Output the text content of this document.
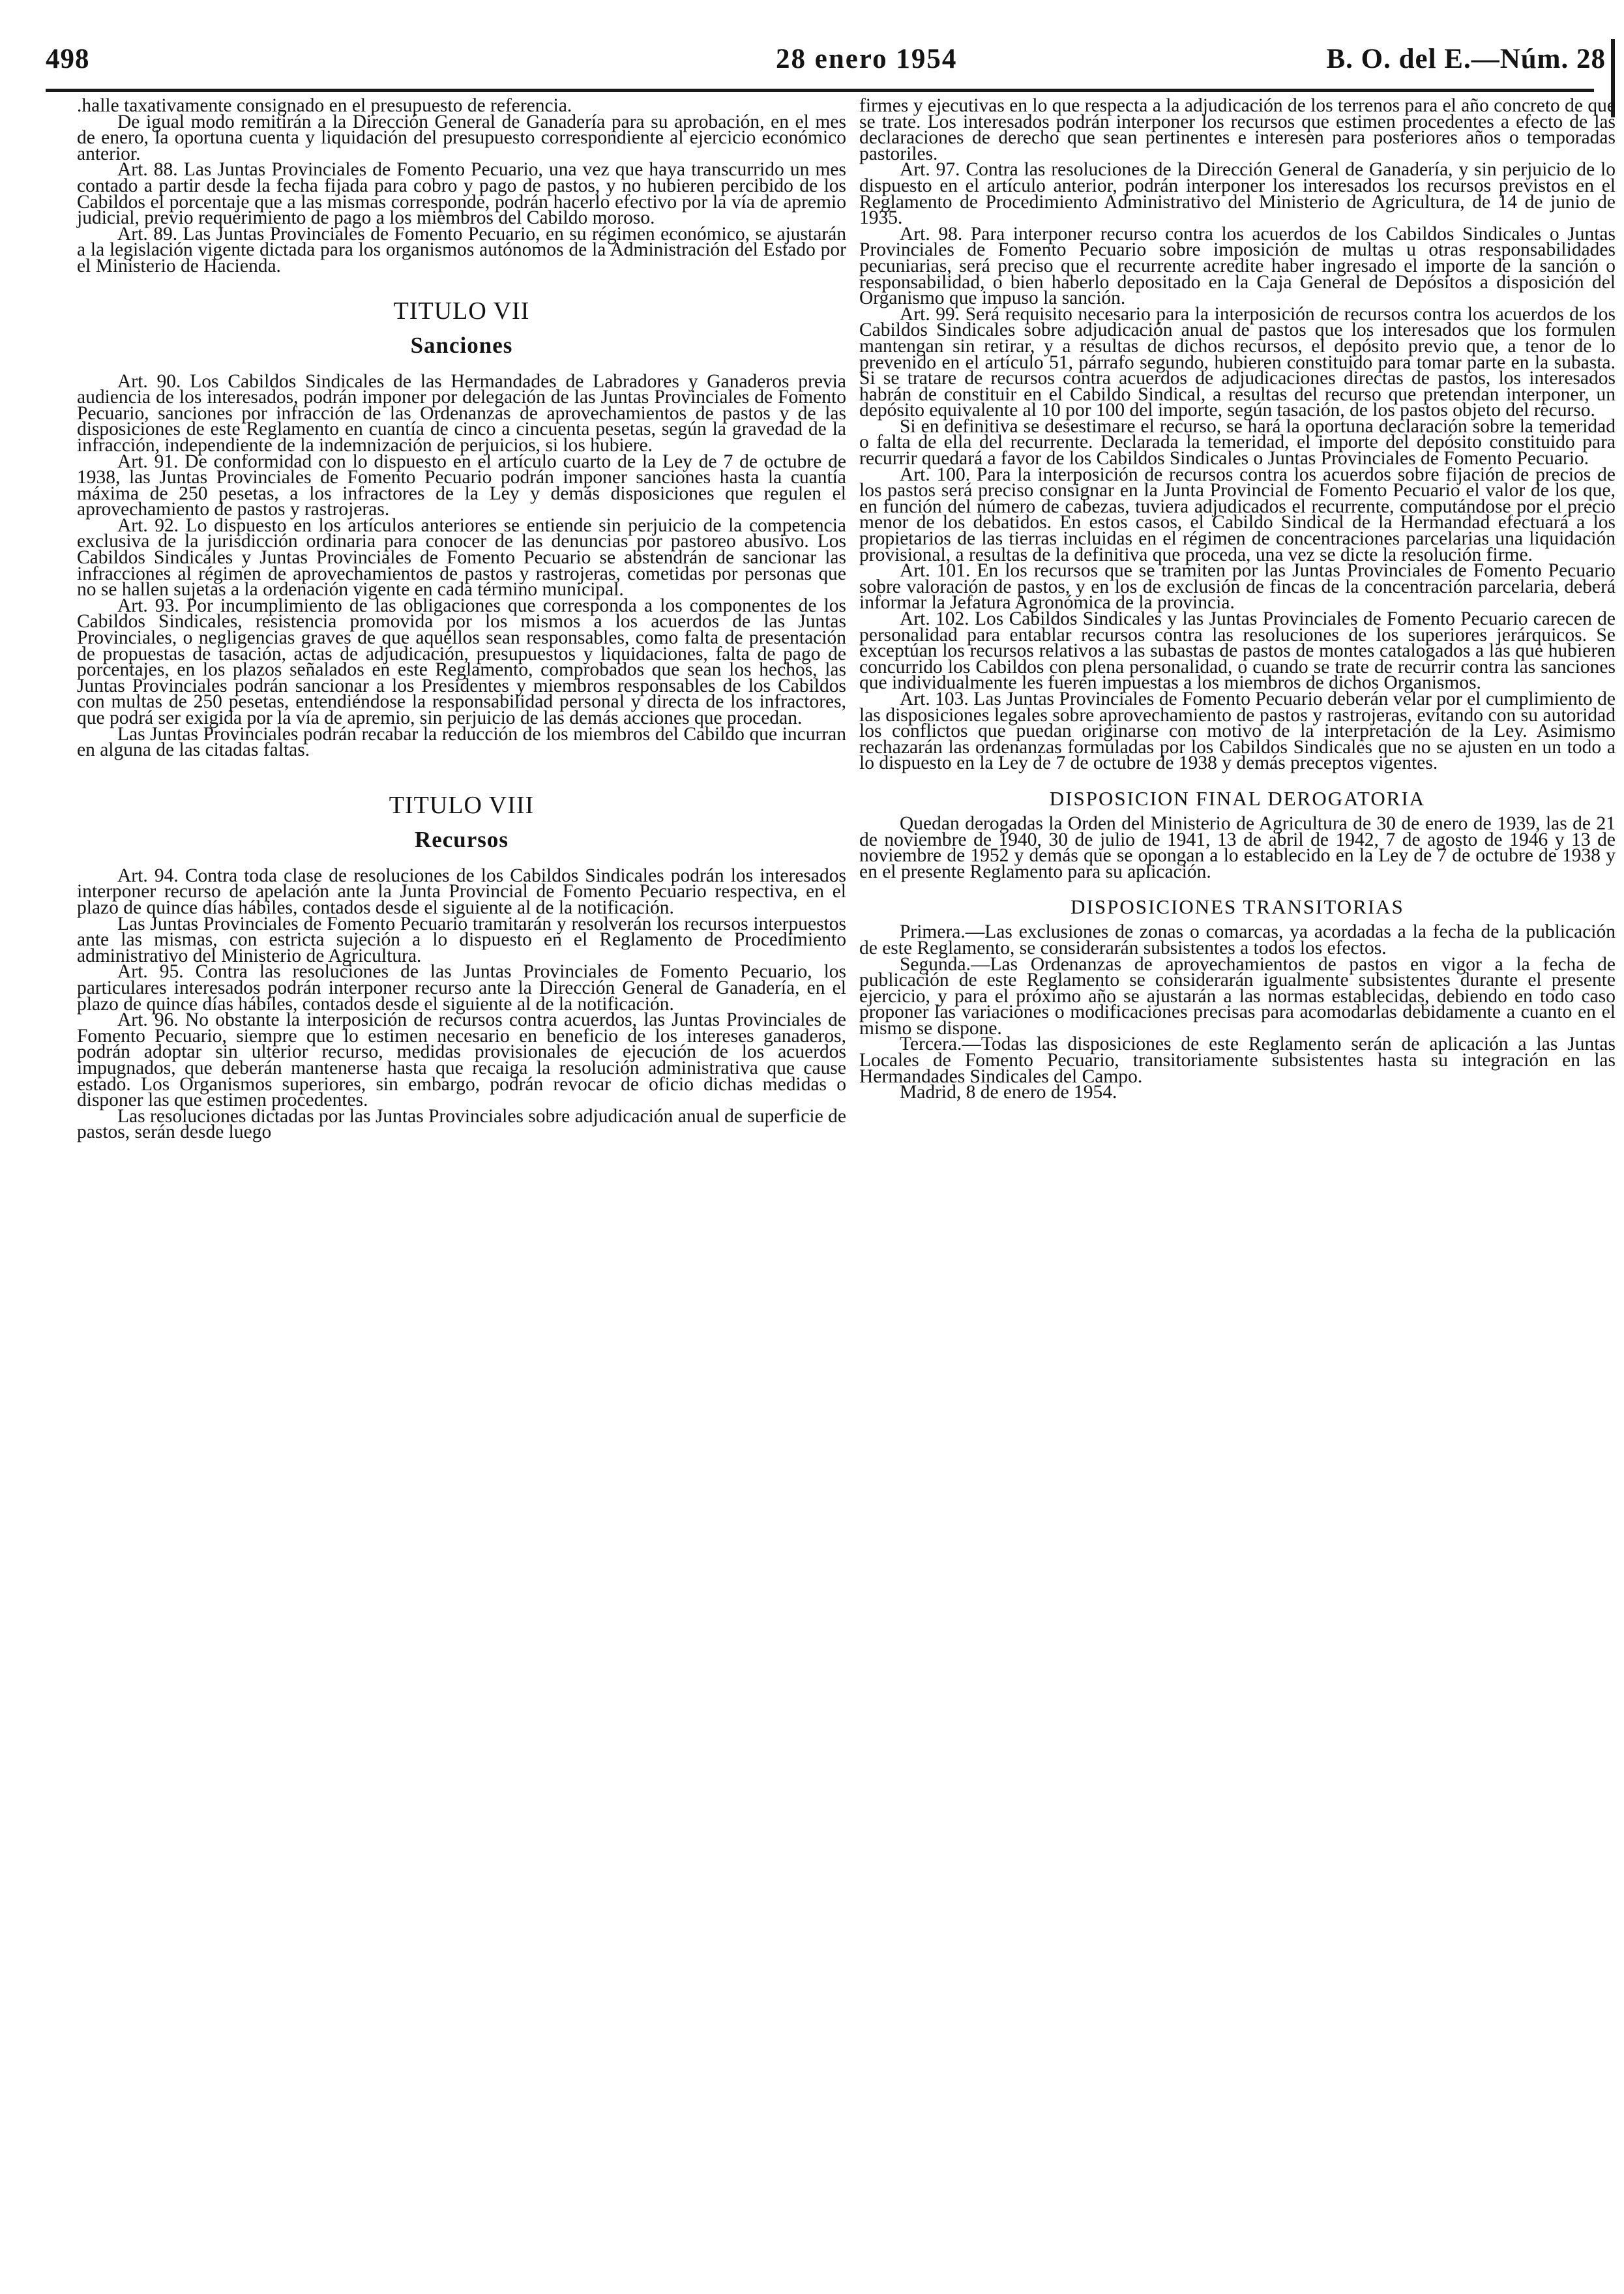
498	28 enero 1954	B. O. del E.—Núm. 28

.halle taxativamente consignado en el presupuesto de referencia.

De igual modo remitirán a la Dirección General de Ganadería para su aprobación, en el mes de enero, la oportuna cuenta y liquidación del presupuesto correspondiente al ejercicio económico anterior.

Art. 88. Las Juntas Provinciales de Fomento Pecuario, una vez que haya transcurrido un mes contado a partir desde la fecha fijada para cobro y pago de pastos, y no hubieren percibido de los Cabildos el porcentaje que a las mismas corresponde, podrán hacerlo efectivo por la vía de apremio judicial, previo requerimiento de pago a los miembros del Cabildo moroso.

Art. 89. Las Juntas Provinciales de Fomento Pecuario, en su régimen económico, se ajustarán a la legislación vigente dictada para los organismos autónomos de la Administración del Estado por el Ministerio de Hacienda.

TITULO VII
Sanciones

Art. 90. Los Cabildos Sindicales de las Hermandades de Labradores y Ganaderos previa audiencia de los interesados, podrán imponer por delegación de las Juntas Provinciales de Fomento Pecuario, sanciones por infracción de las Ordenanzas de aprovechamientos de pastos y de las disposiciones de este Reglamento en cuantía de cinco a cincuenta pesetas, según la gravedad de la infracción, independiente de la indemnización de perjuicios, si los hubiere.

Art. 91. De conformidad con lo dispuesto en el artículo cuarto de la Ley de 7 de octubre de 1938, las Juntas Provinciales de Fomento Pecuario podrán imponer sanciones hasta la cuantía máxima de 250 pesetas, a los infractores de la Ley y demás disposiciones que regulen el aprovechamiento de pastos y rastrojeras.

Art. 92. Lo dispuesto en los artículos anteriores se entiende sin perjuicio de la competencia exclusiva de la jurisdicción ordinaria para conocer de las denuncias por pastoreo abusivo. Los Cabildos Sindicales y Juntas Provinciales de Fomento Pecuario se abstendrán de sancionar las infracciones al régimen de aprovechamientos de pastos y rastrojeras, cometidas por personas que no se hallen sujetas a la ordenación vigente en cada término municipal.

Art. 93. Por incumplimiento de las obligaciones que corresponda a los componentes de los Cabildos Sindicales, resistencia promovida por los mismos a los acuerdos de las Juntas Provinciales, o negligencias graves de que aquéllos sean responsables, como falta de presentación de propuestas de tasación, actas de adjudicación, presupuestos y liquidaciones, falta de pago de porcentajes, en los plazos señalados en este Reglamento, comprobados que sean los hechos, las Juntas Provinciales podrán sancionar a los Presidentes y miembros responsables de los Cabildos con multas de 250 pesetas, entendiéndose la responsabilidad personal y directa de los infractores, que podrá ser exigida por la vía de apremio, sin perjuicio de las demás acciones que procedan.

Las Juntas Provinciales podrán recabar la reducción de los miembros del Cabildo que incurran en alguna de las citadas faltas.

TITULO VIII
Recursos

Art. 94. Contra toda clase de resoluciones de los Cabildos Sindicales podrán los interesados interponer recurso de apelación ante la Junta Provincial de Fomento Pecuario respectiva, en el plazo de quince días hábiles, contados desde el siguiente al de la notificación.

Las Juntas Provinciales de Fomento Pecuario tramitarán y resolverán los recursos interpuestos ante las mismas, con estricta sujeción a lo dispuesto en el Reglamento de Procedimiento administrativo del Ministerio de Agricultura.

Art. 95. Contra las resoluciones de las Juntas Provinciales de Fomento Pecuario, los particulares interesados podrán interponer recurso ante la Dirección General de Ganadería, en el plazo de quince días hábiles, contados desde el siguiente al de la notificación.

Art. 96. No obstante la interposición de recursos contra acuerdos, las Juntas Provinciales de Fomento Pecuario, siempre que lo estimen necesario en beneficio de los intereses ganaderos, podrán adoptar sin ulterior recurso, medidas provisionales de ejecución de los acuerdos impugnados, que deberán mantenerse hasta que recaiga la resolución administrativa que cause estado. Los Organismos superiores, sin embargo, podrán revocar de oficio dichas medidas o disponer las que estimen procedentes.

Las resoluciones dictadas por las Juntas Provinciales sobre adjudicación anual de superficie de pastos, serán desde luego

firmes y ejecutivas en lo que respecta a la adjudicación de los terrenos para el año concreto de que se trate. Los interesados podrán interponer los recursos que estimen procedentes a efecto de las declaraciones de derecho que sean pertinentes e interesen para posteriores años o temporadas pastoriles.

Art. 97. Contra las resoluciones de la Dirección General de Ganadería, y sin perjuicio de lo dispuesto en el artículo anterior, podrán interponer los interesados los recursos previstos en el Reglamento de Procedimiento Administrativo del Ministerio de Agricultura, de 14 de junio de 1935.

Art. 98. Para interponer recurso contra los acuerdos de los Cabildos Sindicales o Juntas Provinciales de Fomento Pecuario sobre imposición de multas u otras responsabilidades pecuniarias, será preciso que el recurrente acredite haber ingresado el importe de la sanción o responsabilidad, o bien haberlo depositado en la Caja General de Depósitos a disposición del Organismo que impuso la sanción.

Art. 99. Será requisito necesario para la interposición de recursos contra los acuerdos de los Cabildos Sindicales sobre adjudicación anual de pastos que los interesados que los formulen mantengan sin retirar, y a resultas de dichos recursos, el depósito previo que, a tenor de lo prevenido en el artículo 51, párrafo segundo, hubieren constituido para tomar parte en la subasta. Si se tratare de recursos contra acuerdos de adjudicaciones directas de pastos, los interesados habrán de constituir en el Cabildo Sindical, a resultas del recurso que pretendan interponer, un depósito equivalente al 10 por 100 del importe, según tasación, de los pastos objeto del recurso.

Si en definitiva se desestimare el recurso, se hará la oportuna declaración sobre la temeridad o falta de ella del recurrente. Declarada la temeridad, el importe del depósito constituido para recurrir quedará a favor de los Cabildos Sindicales o Juntas Provinciales de Fomento Pecuario.

Art. 100. Para la interposición de recursos contra los acuerdos sobre fijación de precios de los pastos será preciso consignar en la Junta Provincial de Fomento Pecuario el valor de los que, en función del número de cabezas, tuviera adjudicados el recurrente, computándose por el precio menor de los debatidos. En estos casos, el Cabildo Sindical de la Hermandad efectuará a los propietarios de las tierras incluidas en el régimen de concentraciones parcelarias una liquidación provisional, a resultas de la definitiva que proceda, una vez se dicte la resolución firme.

Art. 101. En los recursos que se tramiten por las Juntas Provinciales de Fomento Pecuario sobre valoración de pastos, y en los de exclusión de fincas de la concentración parcelaria, deberá informar la Jefatura Agronómica de la provincia.

Art. 102. Los Cabildos Sindicales y las Juntas Provinciales de Fomento Pecuario carecen de personalidad para entablar recursos contra las resoluciones de los superiores jerárquicos. Se exceptúan los recursos relativos a las subastas de pastos de montes catalogados a las que hubieren concurrido los Cabildos con plena personalidad, o cuando se trate de recurrir contra las sanciones que individualmente les fueren impuestas a los miembros de dichos Organismos.

Art. 103. Las Juntas Provinciales de Fomento Pecuario deberán velar por el cumplimiento de las disposiciones legales sobre aprovechamiento de pastos y rastrojeras, evitando con su autoridad los conflictos que puedan originarse con motivo de la interpretación de la Ley. Asimismo rechazarán las ordenanzas formuladas por los Cabildos Sindicales que no se ajusten en un todo a lo dispuesto en la Ley de 7 de octubre de 1938 y demás preceptos vigentes.

DISPOSICION FINAL DEROGATORIA

Quedan derogadas la Orden del Ministerio de Agricultura de 30 de enero de 1939, las de 21 de noviembre de 1940, 30 de julio de 1941, 13 de abril de 1942, 7 de agosto de 1946 y 13 de noviembre de 1952 y demás que se opongan a lo establecido en la Ley de 7 de octubre de 1938 y en el presente Reglamento para su aplicación.

DISPOSICIONES TRANSITORIAS

Primera.—Las exclusiones de zonas o comarcas, ya acordadas a la fecha de la publicación de este Reglamento, se considerarán subsistentes a todos los efectos.

Segunda.—Las Ordenanzas de aprovechamientos de pastos en vigor a la fecha de publicación de este Reglamento se considerarán igualmente subsistentes durante el presente ejercicio, y para el próximo año se ajustarán a las normas establecidas, debiendo en todo caso proponer las variaciones o modificaciones precisas para acomodarlas debidamente a cuanto en el mismo se dispone.

Tercera.—Todas las disposiciones de este Reglamento serán de aplicación a las Juntas Locales de Fomento Pecuario, transitoriamente subsistentes hasta su integración en las Hermandades Sindicales del Campo.

Madrid, 8 de enero de 1954.
